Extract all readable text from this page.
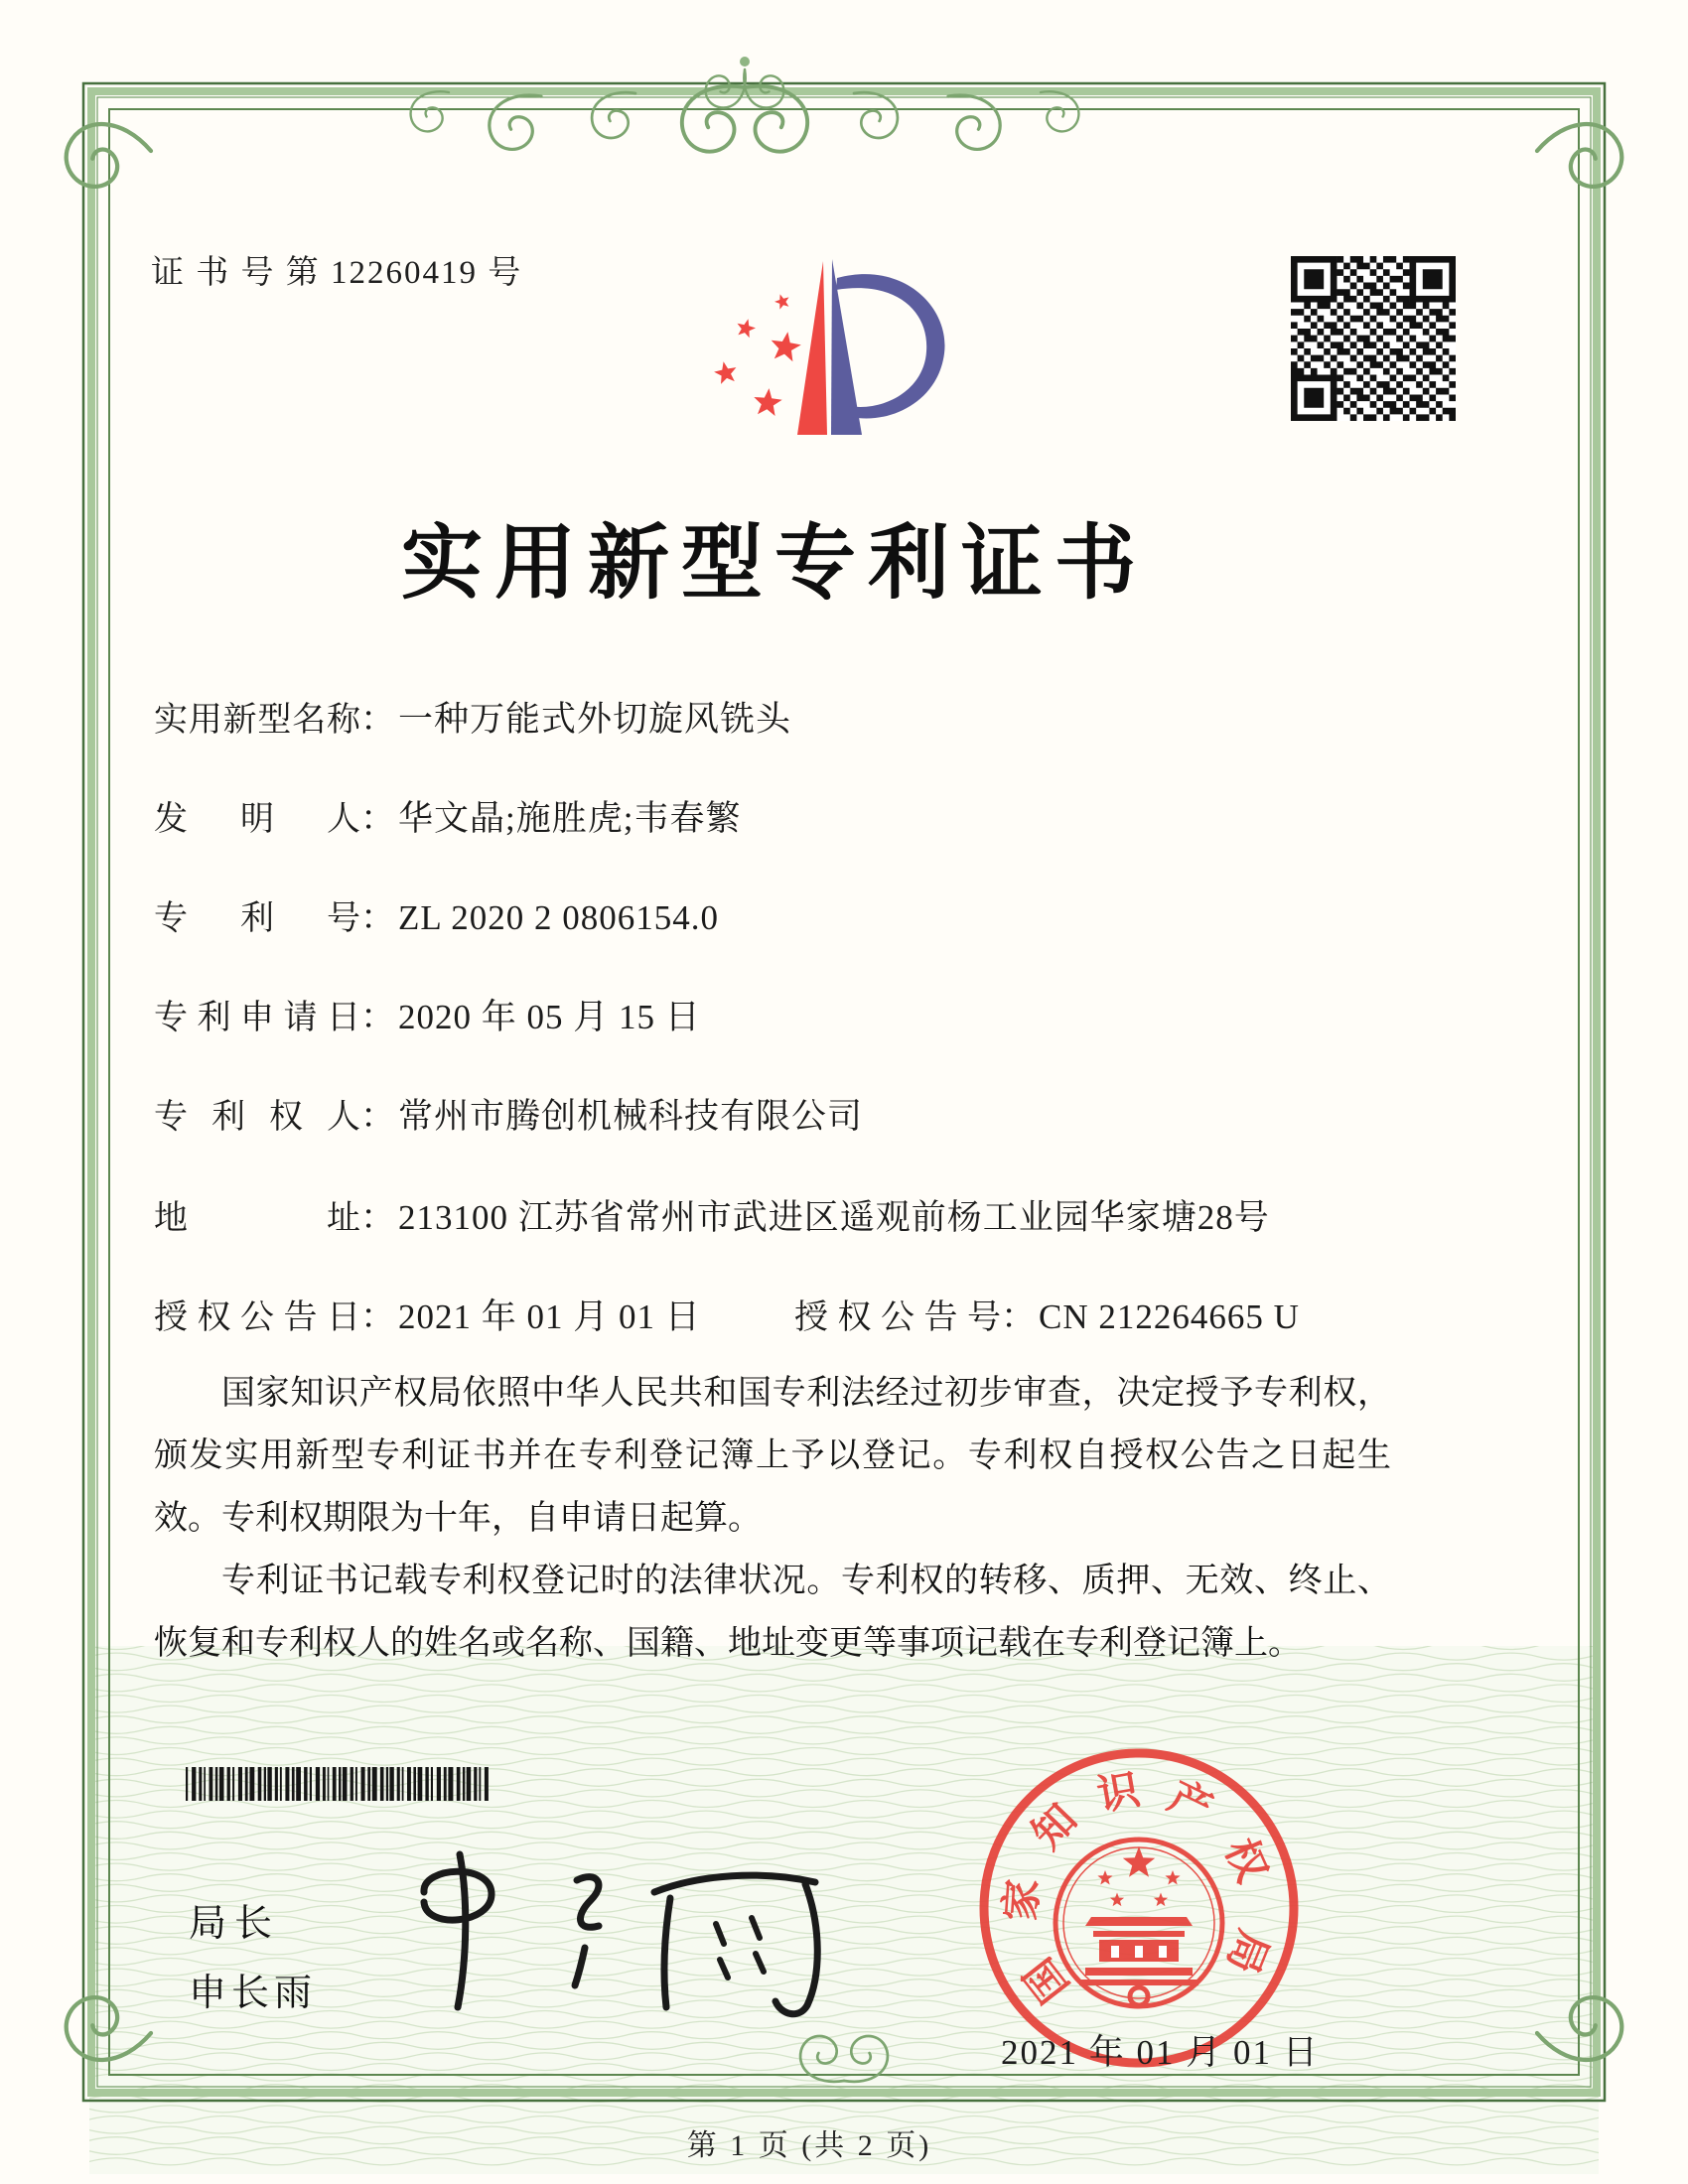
证 书 号 第 12260419 号
实用新型专利证书
实用新型名称：一种万能式外切旋风铣头
发明人：华文晶;施胜虎;韦春繁
专利号：ZL 2020 2 0806154.0
专利申请日：2020 年 05 月 15 日
专利权人：常州市腾创机械科技有限公司
地址：213100 江苏省常州市武进区遥观前杨工业园华家塘28号
授权公告日：2021 年 01 月 01 日	授权公告号：CN 212264665 U

国家知识产权局依照中华人民共和国专利法经过初步审查，决定授予专利权，颁发实用新型专利证书并在专利登记簿上予以登记。专利权自授权公告之日起生效。专利权期限为十年，自申请日起算。

专利证书记载专利权登记时的法律状况。专利权的转移、质押、无效、终止、恢复和专利权人的姓名或名称、国籍、地址变更等事项记载在专利登记簿上。

局长
申长雨	国
家
知
识 产
权
局
2021 年 01 月 01 日
第 1 页 (共 2 页)
